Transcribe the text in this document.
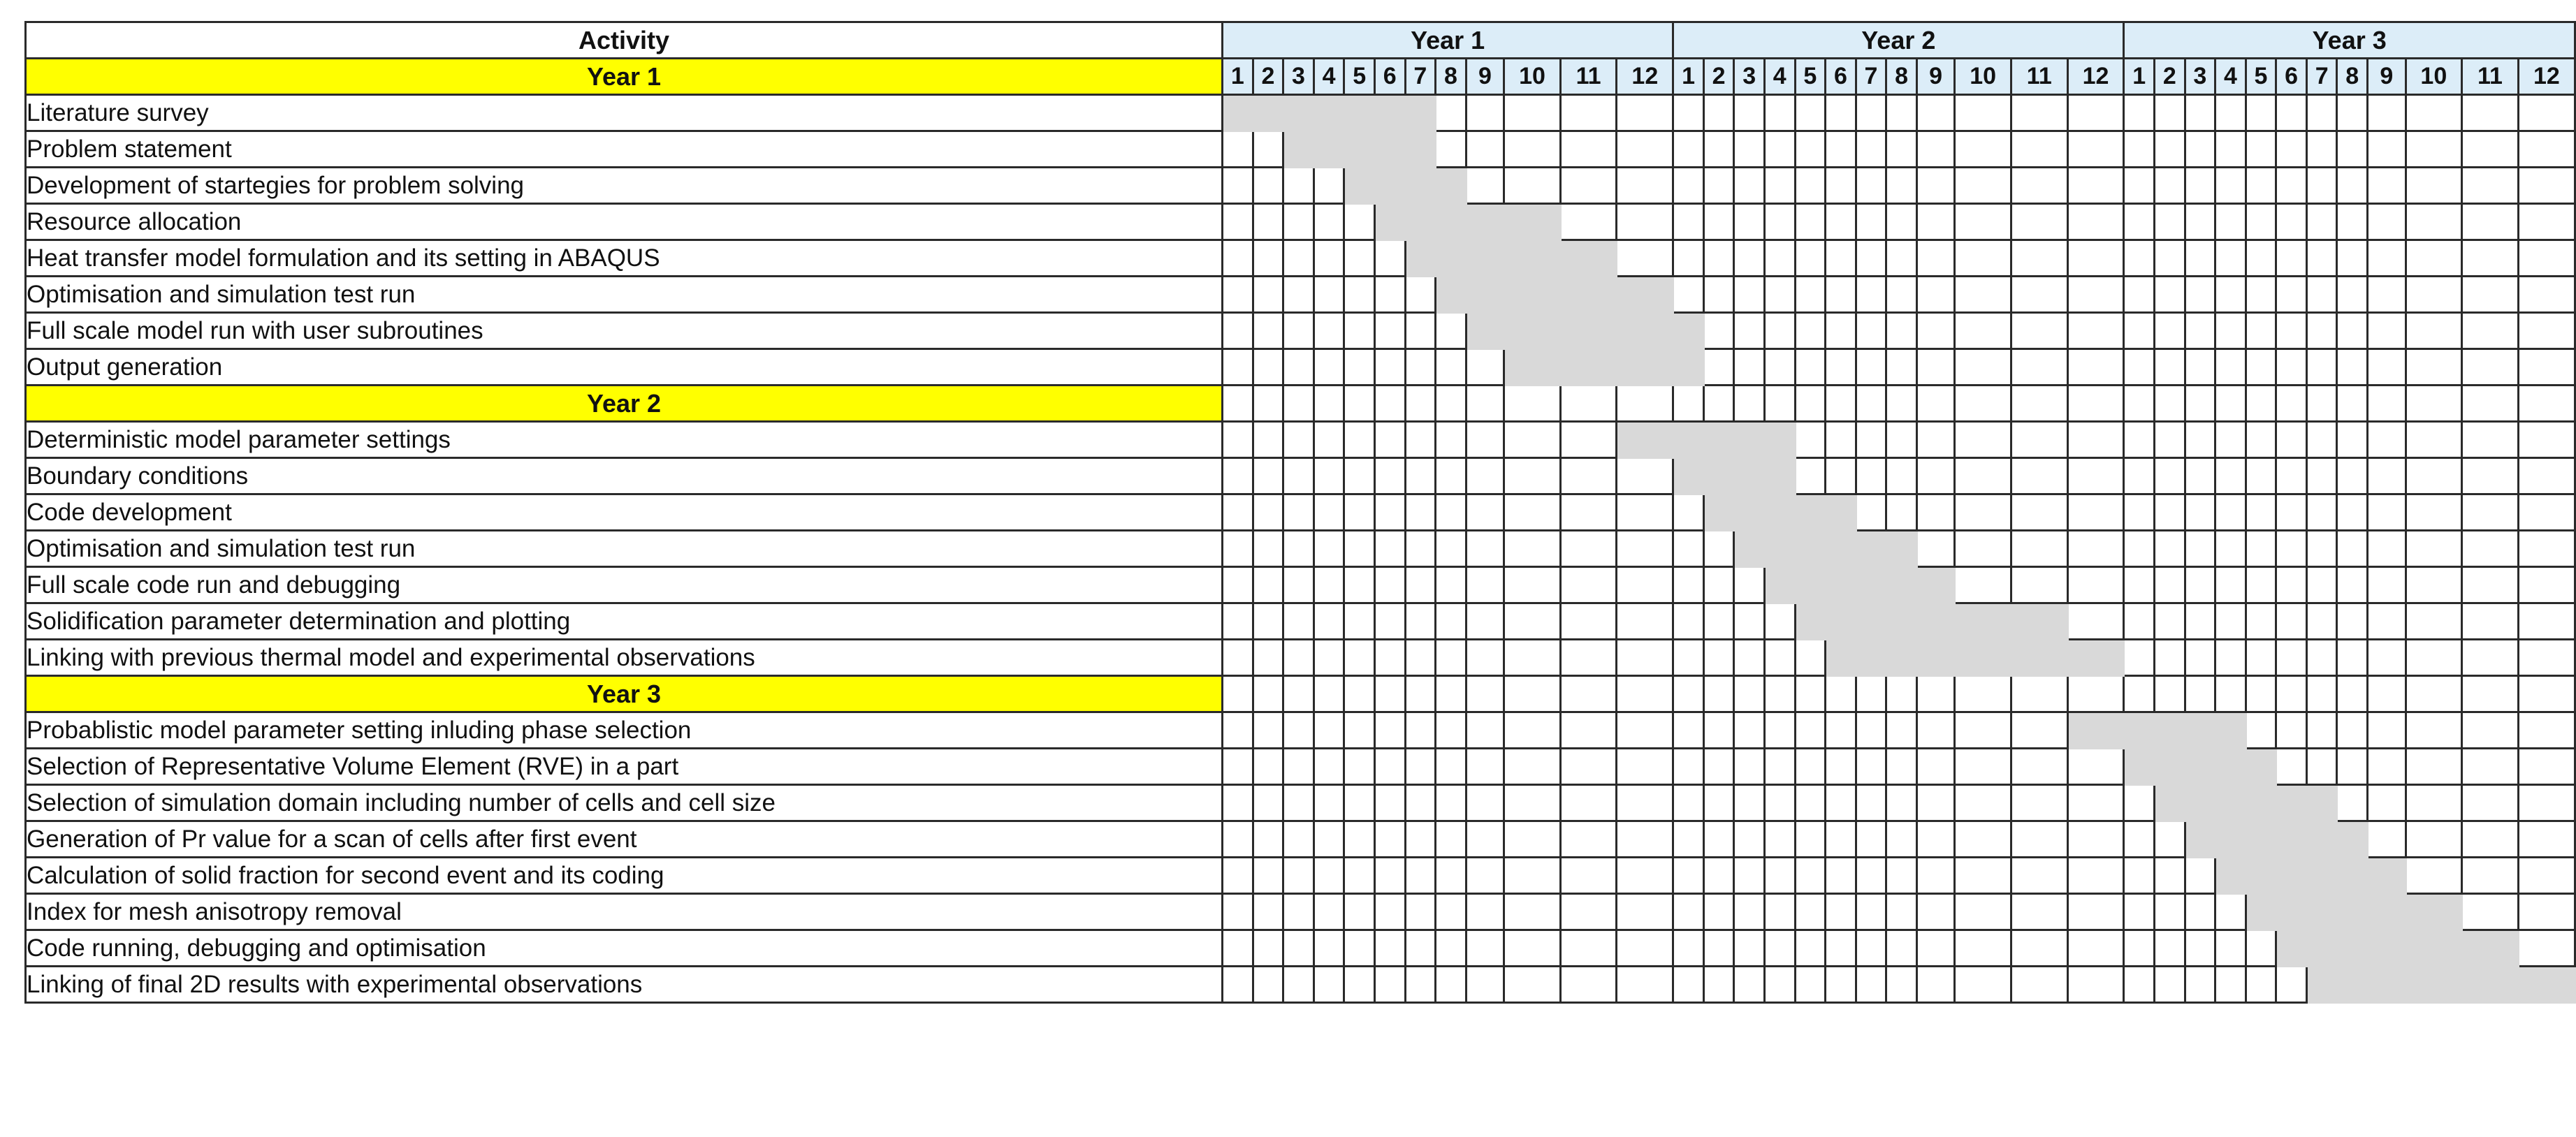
Activity	Year 1												Year 2												Year 3											
Year 1	1	2	3	4	5	6	7	8	9	10	11	12	1	2	3	4	5	6	7	8	9	10	11	12	1	2	3	4	5	6	7	8	9	10	11	12
Literature survey																																				
Problem statement																																				
Development of startegies for problem solving																																				
Resource allocation																																				
Heat transfer model formulation and its setting in ABAQUS																																				
Optimisation and simulation test run																																				
Full scale model run with user subroutines																																				
Output generation																																				
Year 2																																				
Deterministic model parameter settings																																				
Boundary conditions																																				
Code development																																				
Optimisation and simulation test run																																				
Full scale code run and debugging																																				
Solidification parameter determination and plotting																																				
Linking with previous thermal model and experimental observations																																				
Year 3																																				
Probablistic model parameter setting inluding phase selection																																				
Selection of Representative Volume Element (RVE) in a part																																				
Selection of simulation domain including number of cells and cell size																																				
Generation of Pr value for a scan of cells after first event																																				
Calculation of solid fraction for second event and its coding																																				
Index for mesh anisotropy removal																																				
Code running, debugging and optimisation																																				
Linking of final 2D results with experimental observations																																				
